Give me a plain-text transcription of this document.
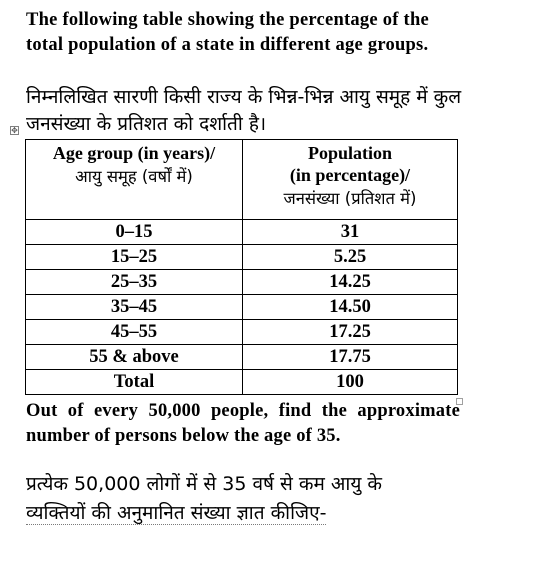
The following table showing the percentage of the total population of a state in different age groups.

निम्नलिखित सारणी किसी राज्य के भिन्न-भिन्न आयु समूह में कुल जनसंख्या के प्रतिशत को दर्शाती है।

✥
Age group (in years)/
आयु समूह (वर्षों में)	Population
(in percentage)/
जनसंख्या (प्रतिशत में)

0–15	31
15–25	5.25
25–35	14.25
35–45	14.50
45–55	17.25
55 & above	17.75
Total	100

Out of every 50,000 people, find the approximate number of persons below the age of 35.

प्रत्येक 50,000 लोगों में से 35 वर्ष से कम आयु के
व्यक्तियों की अनुमानित संख्या ज्ञात कीजिए-
